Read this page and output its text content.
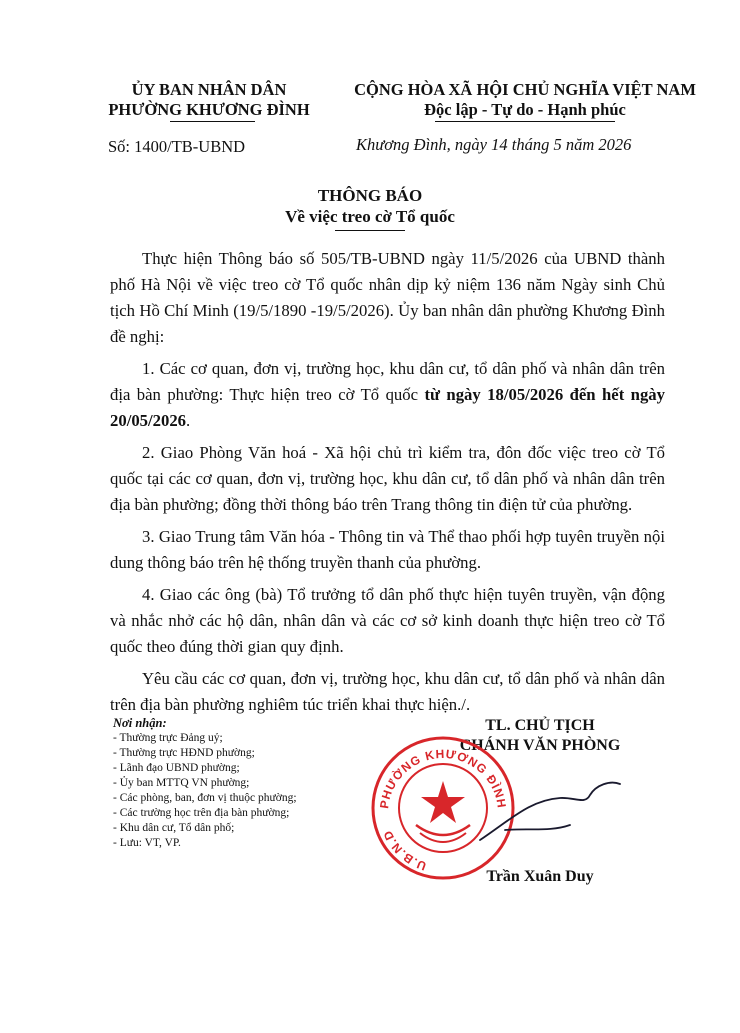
ỦY BAN NHÂN DÂN
PHƯỜNG KHƯƠNG ĐÌNH
CỘNG HÒA XÃ HỘI CHỦ NGHĨA VIỆT NAM
Độc lập - Tự do - Hạnh phúc
Số: 1400/TB-UBND	Khương Đình, ngày 14 tháng 5 năm 2026
THÔNG BÁO
Về việc treo cờ Tổ quốc

Thực hiện Thông báo số 505/TB-UBND ngày 11/5/2026 của UBND thành phố Hà Nội về việc treo cờ Tổ quốc nhân dịp kỷ niệm 136 năm Ngày sinh Chủ tịch Hồ Chí Minh (19/5/1890 -19/5/2026). Ủy ban nhân dân phường Khương Đình đề nghị:

1. Các cơ quan, đơn vị, trường học, khu dân cư, tổ dân phố và nhân dân trên địa bàn phường: Thực hiện treo cờ Tổ quốc từ ngày 18/05/2026 đến hết ngày 20/05/2026.

2. Giao Phòng Văn hoá - Xã hội chủ trì kiểm tra, đôn đốc việc treo cờ Tổ quốc tại các cơ quan, đơn vị, trường học, khu dân cư, tổ dân phố và nhân dân trên địa bàn phường; đồng thời thông báo trên Trang thông tin điện tử của phường.

3. Giao Trung tâm Văn hóa - Thông tin và Thể thao phối hợp tuyên truyền nội dung thông báo trên hệ thống truyền thanh của phường.

4. Giao các ông (bà) Tổ trưởng tổ dân phố thực hiện tuyên truyền, vận động và nhắc nhở các hộ dân, nhân dân và các cơ sở kinh doanh thực hiện treo cờ Tổ quốc theo đúng thời gian quy định.

Yêu cầu các cơ quan, đơn vị, trường học, khu dân cư, tổ dân phố và nhân dân trên địa bàn phường nghiêm túc triển khai thực hiện./.

Nơi nhận:
- Thường trực Đảng uỷ;
- Thường trực HĐND phường;
- Lãnh đạo UBND phường;
- Ủy ban MTTQ VN phường;
- Các phòng, ban, đơn vị thuộc phường;
- Các trường học trên địa bàn phường;
- Khu dân cư, Tổ dân phố;
- Lưu: VT, VP.
TL. CHỦ TỊCH
CHÁNH VĂN PHÒNG
PHƯỜNG KHƯƠNG ĐÌNH
U.B.N.D
Trần Xuân Duy
